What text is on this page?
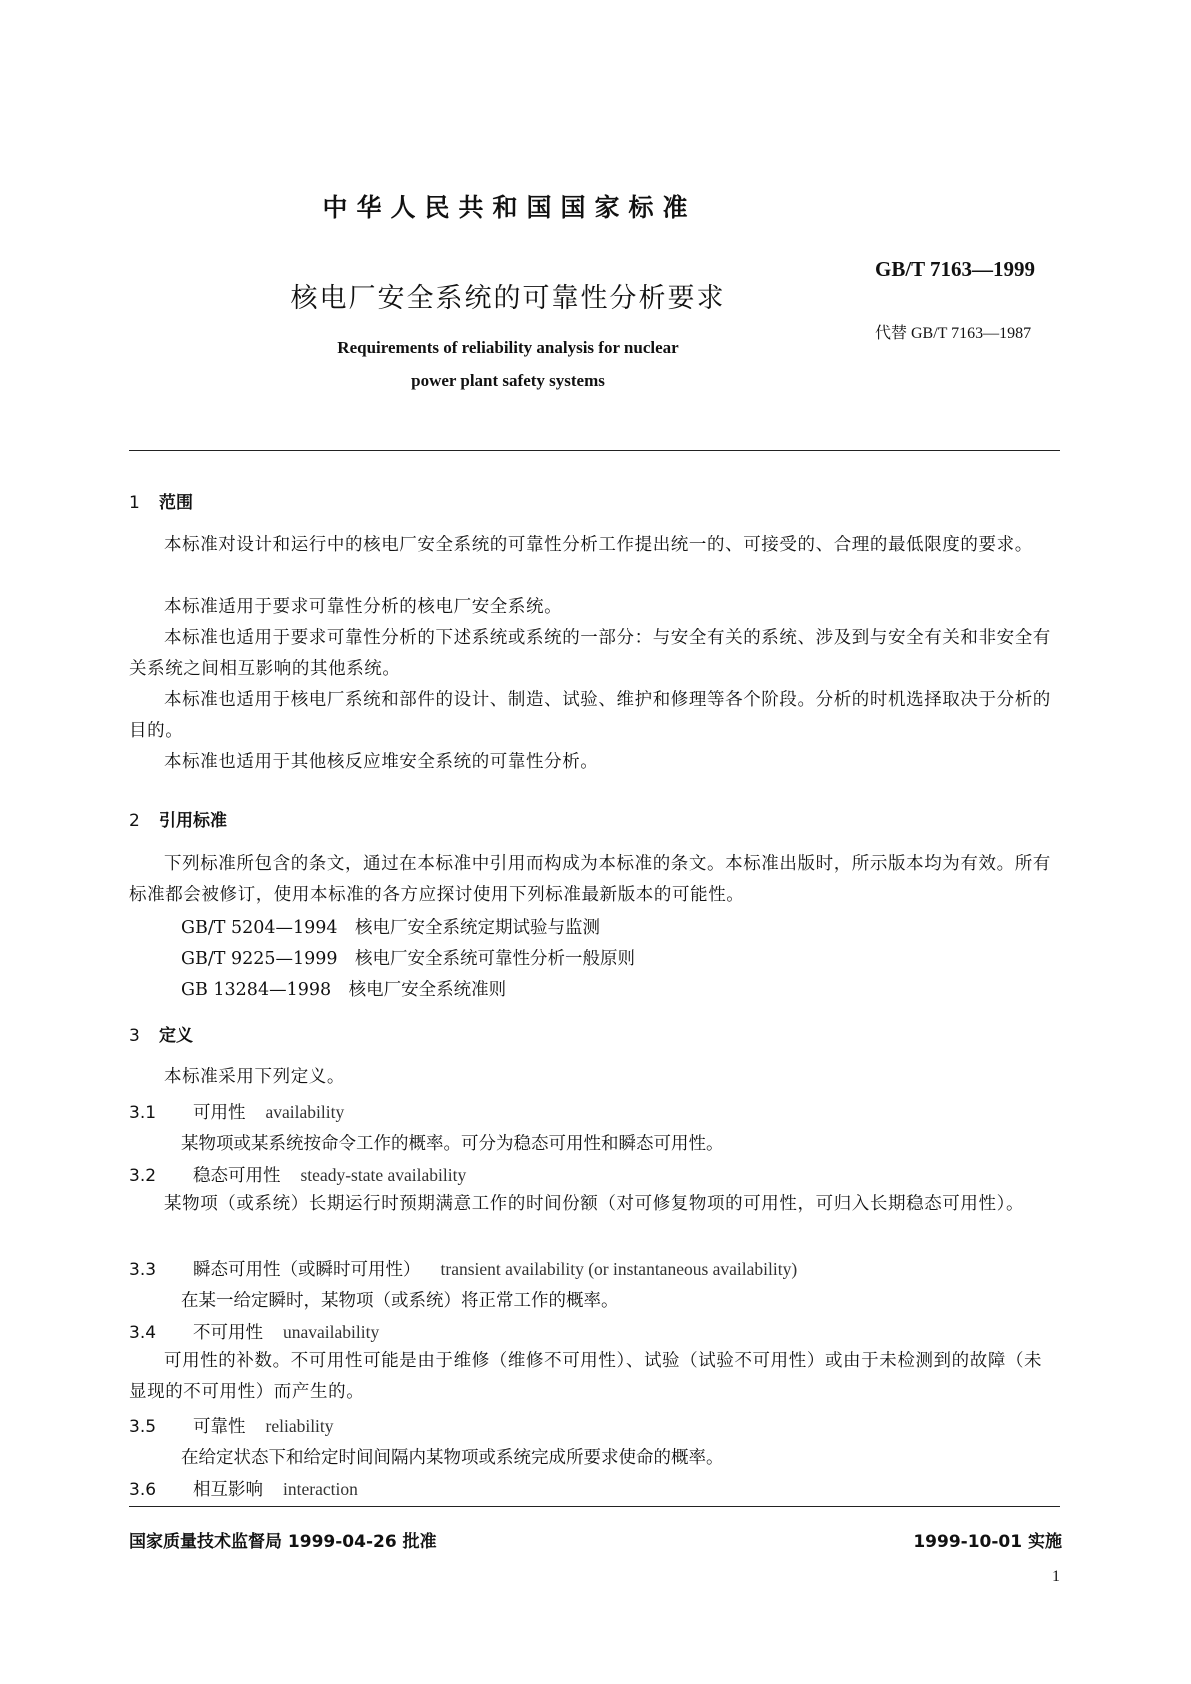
中华人民共和国国家标准
GB/T 7163—1999
核电厂安全系统的可靠性分析要求
代替 GB/T 7163—1987
Requirements of reliability analysis for nuclear
power plant safety systems
1 范围
本标准对设计和运行中的核电厂安全系统的可靠性分析工作提出统一的、可接受的、合理的最低限度的要求。
本标准适用于要求可靠性分析的核电厂安全系统。
本标准也适用于要求可靠性分析的下述系统或系统的一部分：与安全有关的系统、涉及到与安全有关和非安全有关系统之间相互影响的其他系统。
本标准也适用于核电厂系统和部件的设计、制造、试验、维护和修理等各个阶段。分析的时机选择取决于分析的目的。
本标准也适用于其他核反应堆安全系统的可靠性分析。
2 引用标准
下列标准所包含的条文，通过在本标准中引用而构成为本标准的条文。本标准出版时，所示版本均为有效。所有标准都会被修订，使用本标准的各方应探讨使用下列标准最新版本的可能性。
GB/T 5204—1994　核电厂安全系统定期试验与监测
GB/T 9225—1999　核电厂安全系统可靠性分析一般原则
GB 13284—1998　核电厂安全系统准则
3 定义
本标准采用下列定义。
3.1 可用性 availability
某物项或某系统按命令工作的概率。可分为稳态可用性和瞬态可用性。
3.2 稳态可用性 steady-state availability
某物项（或系统）长期运行时预期满意工作的时间份额（对可修复物项的可用性，可归入长期稳态可用性）。
3.3 瞬态可用性（或瞬时可用性） transient availability (or instantaneous availability)
在某一给定瞬时，某物项（或系统）将正常工作的概率。
3.4 不可用性 unavailability
可用性的补数。不可用性可能是由于维修（维修不可用性）、试验（试验不可用性）或由于未检测到的故障（未显现的不可用性）而产生的。
3.5 可靠性 reliability
在给定状态下和给定时间间隔内某物项或系统完成所要求使命的概率。
3.6 相互影响 interaction
国家质量技术监督局 1999-04-26 批准	1999-10-01 实施
1
